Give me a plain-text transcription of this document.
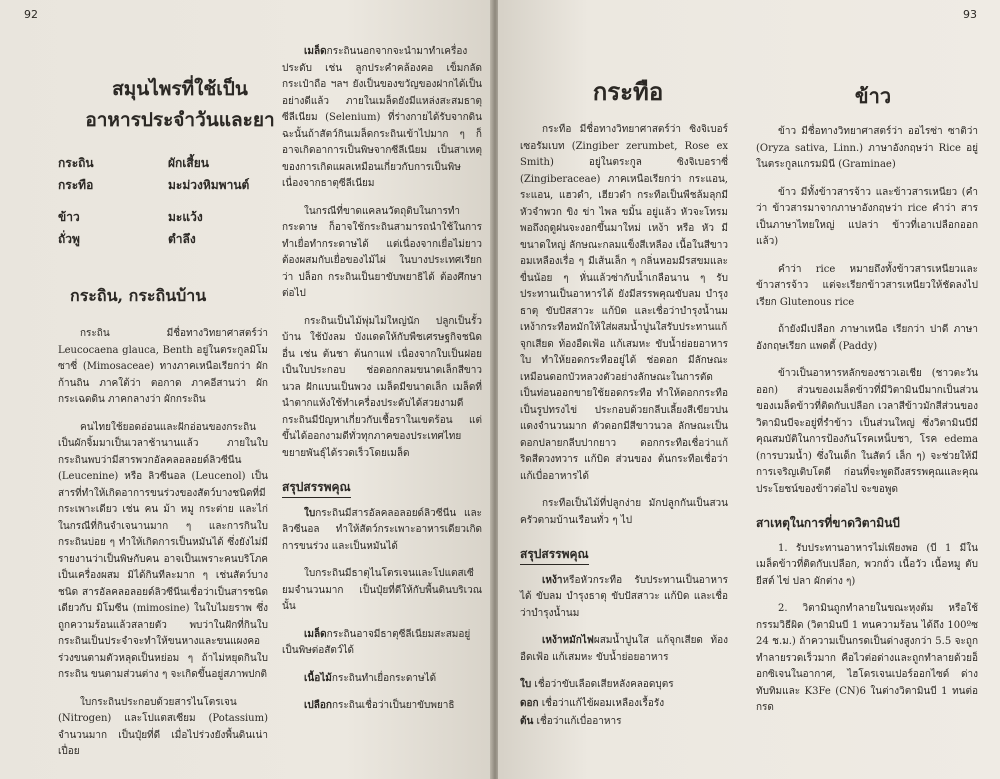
92
สมุนไพรที่ใช้เป็น
อาหารประจำวันและยา
กระถิน	ผักเสี้ยน
กระทือ	มะม่วงหิมพานต์
ข้าว	มะแว้ง
ถั่วพู	ตำลึง
กระถิน, กระถินบ้าน

กระถิน มีชื่อทางวิทยาศาสตร์ว่า Leucocaena glauca, Benth อยู่ในตระกูลมิโมซาซี่ (Mimosaceae) ทางภาคเหนือเรียกว่า ผักก้านถิน ภาคใต้ว่า ตอกาด ภาคอีสานว่า ผักกระเฉดดิน ภาคกลางว่า ผักกระถิน

คนไทยใช้ยอดอ่อนและฝักอ่อนของกระถินเป็นผักจิ้มมาเป็นเวลาช้านานแล้ว ภายในใบกระถินพบว่ามีสารพวกอัลคลอลอยด์ลิวซีนีน (Leucenine) หรือ ลิวซีนอล (Leucenol) เป็นสารที่ทำให้เกิดอาการขนร่วงของสัตว์บางชนิดที่มีกระเพาะเดียว เช่น คน ม้า หมู กระต่าย และไก่ ในกรณีที่กินจำเจนานมาก ๆ และการกินใบกระถินบ่อย ๆ ทำให้เกิดการเป็นหมันได้ ซึ่งยังไม่มีรายงานว่าเป็นพิษกับคน อาจเป็นเพราะคนบริโภคเป็นเครื่องผสม มิได้กินทีละมาก ๆ เช่นสัตว์บางชนิด สารอัลคลอลอยด์ลิวซีนีนเชื่อว่าเป็นสารชนิดเดียวกับ มิโมซีน (mimosine) ในใบไมยราพ ซึ่งถูกความร้อนแล้วสลายตัว พบว่าในฝักที่กินใบกระถินเป็นประจำจะทำให้ขนหางและขนแผงคอร่วงขนตามตัวหลุดเป็นหย่อม ๆ ถ้าไม่หยุดกินใบกระถิน ขนตามส่วนต่าง ๆ จะเกิดขึ้นอยู่สภาพปกติ

ใบกระถินประกอบด้วยสารไนโตรเจน (Nitrogen) และโปแตสเซียม (Potassium) จำนวนมาก เป็นปุ๋ยที่ดี เมื่อไปร่วงยังพื้นดินเน่าเปื่อย

เมล็ดกระถินนอกจากจะนำมาทำเครื่องประดับ เช่น ลูกประคำคล้องคอ เข็มกลัด กระเป๋าถือ ฯลฯ ยังเป็นของขวัญของฝากได้เป็นอย่างดีแล้ว ภายในเมล็ดยังมีแหล่งสะสมธาตุซีลีเนียม (Selenium) ที่ร่างกายได้รับจากดิน ฉะนั้นถ้าสัตว์กินเมล็ดกระถินเข้าไปมาก ๆ ก็อาจเกิดอาการเป็นพิษจากซีลีเนียม เป็นสาเหตุของการเกิดแผลเหมือนเกี่ยวกับการเป็นพิษเนื่องจากธาตุซีลีเนียม

ในกรณีที่ขาดแคลนวัตถุดิบในการทำกระดาษ ก็อาจใช้กระถินสามารถนำใช้ในการทำเยื่อทำกระดาษได้ แต่เนื่องจากเยื่อไม่ยาว ต้องผสมกับเยื่อของไม้ไผ่ ในบางประเทศเรียกว่า ปล็อก กระถินเป็นยาขับพยาธิได้ ต้องศึกษาต่อไป

กระถินเป็นไม้พุ่มไม่ใหญ่นัก ปลูกเป็นรั้วบ้าน ใช้บังลม บังแดดให้กับพืชเศรษฐกิจชนิดอื่น เช่น ต้นชา ต้นกาแฟ เนื่องจากใบเป็นฝอย เป็นใบประกอบ ช่อดอกกลมขนาดเล็กสีขาวนวล ฝักแบนเป็นพวง เมล็ดมีขนาดเล็ก เมล็ดที่นำตากแห้งใช้ทำเครื่องประดับได้สวยงามดี กระถินมีปัญหาเกี่ยวกับเชื้อราในเขตร้อน แต่ขึ้นได้ออกงามดีทั่วทุกภาคของประเทศไทย ขยายพันธุ์ได้รวดเร็วโดยเมล็ด

สรุปสรรพคุณ

ใบกระถินมีสารอัลคลอลอยด์ลิวซีนีน และลิวซีนอล ทำให้สัตว์กระเพาะอาหารเดียวเกิดการขนร่วง และเป็นหมันได้

ใบกระถินมีธาตุไนโตรเจนและโปแตสเซียมจำนวนมาก เป็นปุ๋ยที่ดีให้กับพื้นดินบริเวณนั้น

เมล็ดกระถินอาจมีธาตุซีลีเนียมสะสมอยู่ เป็นพิษต่อสัตว์ได้

เนื้อไม้กระถินทำเยื่อกระดาษได้

เปลือกกระถินเชื่อว่าเป็นยาขับพยาธิ

93
กระทือ	ข้าว

กระทือ มีชื่อทางวิทยาศาสตร์ว่า ซิงจิเบอร์ เซอรัมเบท (Zingiber zerumbet, Rose ex Smith) อยู่ในตระกูล ซิงจิเบอราซี่ (Zingiberaceae) ภาคเหนือเรียกว่า กระแอน, ระแอน, แฮวดำ, เฮียวดำ กระทือเป็นพืชล้มลุกมีหัวจำพวก ขิง ข่า ไพล ขมิ้น อยู่แล้ว หัวจะโทรมพอถึงฤดูฝนจะงอกขึ้นมาใหม่ เหง้า หรือ หัว มีขนาดใหญ่ ลักษณะกลมแข็งสีเหลือง เนื้อในสีขาวอมเหลืองเรื่อ ๆ มีเส้นเล็ก ๆ กลิ่นหอมมีรสขมและขื่นน้อย ๆ หั่นแล้วซ่ากับน้ำเกลือนาน ๆ รับประทานเป็นอาหารได้ ยังมีสรรพคุณขับลม บำรุงธาตุ ขับปัสสาวะ แก้บิด และเชื่อว่าบำรุงน้ำนม เหง้ากระทือหมักให้ใส่ผสมน้ำปูนใสรับประทานแก้จุกเสียด ท้องอืดเฟ้อ แก้เสมหะ ขับน้ำย่อยอาหาร ใบ ทำให้ยอดกระทืออยู่ได้ ช่อดอก มีลักษณะเหมือนดอกบัวหลวงตัวอย่างลักษณะในการตัดเป็นท่อนออกขายใช้ยอดกระทือ ทำให้ดอกกระทือเป็นรูปทรงไข่ ประกอบด้วยกลีบเลี้ยงสีเขียวปนแดงจำนวนมาก ตัวดอกมีสีขาวนวล ลักษณะเป็นดอกปลายกลีบปากยาว ดอกกระทือเชื่อว่าแก้ริดสีดวงทวาร แก้บิด ส่วนของ ต้นกระทือเชื่อว่าแก้เบื่ออาหารได้

กระทือเป็นไม้ที่ปลูกง่าย มักปลูกกันเป็นสวนครัวตามบ้านเรือนทั่ว ๆ ไป

สรุปสรรพคุณ

เหง้าหรือหัวกระทือ รับประทานเป็นอาหารได้ ขับลม บำรุงธาตุ ขับปัสสาวะ แก้บิด และเชื่อว่าบำรุงน้ำนม

เหง้าหมักไฟผสมน้ำปูนใส แก้จุกเสียด ท้องอืดเฟ้อ แก้เสมหะ ขับน้ำย่อยอาหาร

ใบ เชื่อว่าขับเลือดเสียหลังคลอดบุตร
ดอก เชื่อว่าแก้ไข้ผอมเหลืองเรื้อรัง
ต้น เชื่อว่าแก้เบื่ออาหาร

ข้าว มีชื่อทางวิทยาศาสตร์ว่า ออไรซ่า ซาติว่า (Oryza sativa, Linn.) ภาษาอังกฤษว่า Rice อยู่ในตระกูลแกรมมินี (Graminae)

ข้าว มีทั้งข้าวสารจ้าว และข้าวสารเหนียว (คำว่า ข้าวสารมาจากภาษาอังกฤษว่า rice คำว่า สาร เป็นภาษาไทยใหญ่ แปลว่า ข้าวที่เอาเปลือกออกแล้ว)

คำว่า rice หมายถึงทั้งข้าวสารเหนียวและข้าวสารจ้าว แต่จะเรียกข้าวสารเหนียวให้ชัดลงไป เรียก Glutenous rice

ถ้ายังมีเปลือก ภาษาเหนือ เรียกว่า ปาดี ภาษาอังกฤษเรียก แพดดี้ (Paddy)

ข้าวเป็นอาหารหลักของชาวเอเชีย (ชาวตะวันออก) ส่วนของเมล็ดข้าวที่มีวิตามินบีมากเป็นส่วนของเมล็ดข้าวที่ติดกับเปลือก เวลาสีข้าวมักสีส่วนของวิตามินบีจะอยู่ที่รำข้าว เป็นส่วนใหญ่ ซึ่งวิตามินบีมีคุณสมบัติในการป้องกันโรคเหน็บชา, โรค edema (การบวมน้ำ) ซึ่งในเด็ก ในสัตว์ เล็ก ๆ) จะช่วยให้มีการเจริญเติบโตดี ก่อนที่จะพูดถึงสรรพคุณและคุณประโยชน์ของข้าวต่อไป จะขอพูด

สาเหตุในการที่ขาดวิตามินบี

1. รับประทานอาหารไม่เพียงพอ (บี 1 มีในเมล็ดข้าวที่ติดกับเปลือก, พวกถั่ว เนื้อวัว เนื้อหมู ตับ ยีสต์ ไข่ ปลา ผักต่าง ๆ)

2. วิตามินถูกทำลายในขณะหุงต้ม หรือใช้กรรมวิธีผิด (วิตามินบี 1 ทนความร้อน ได้ถึง 100ºซ 24 ช.ม.) ถ้าความเป็นกรดเป็นด่างสูงกว่า 5.5 จะถูกทำลายรวดเร็วมาก คือไวต่อด่างและถูกทำลายด้วยอ็อกซิเจนในอากาศ, ไฮโดรเจนเปอร์ออกไซด์ ด่างทับทิมและ K3Fe (CN)6 ในต่างวิตามินบี 1 ทนต่อกรด
